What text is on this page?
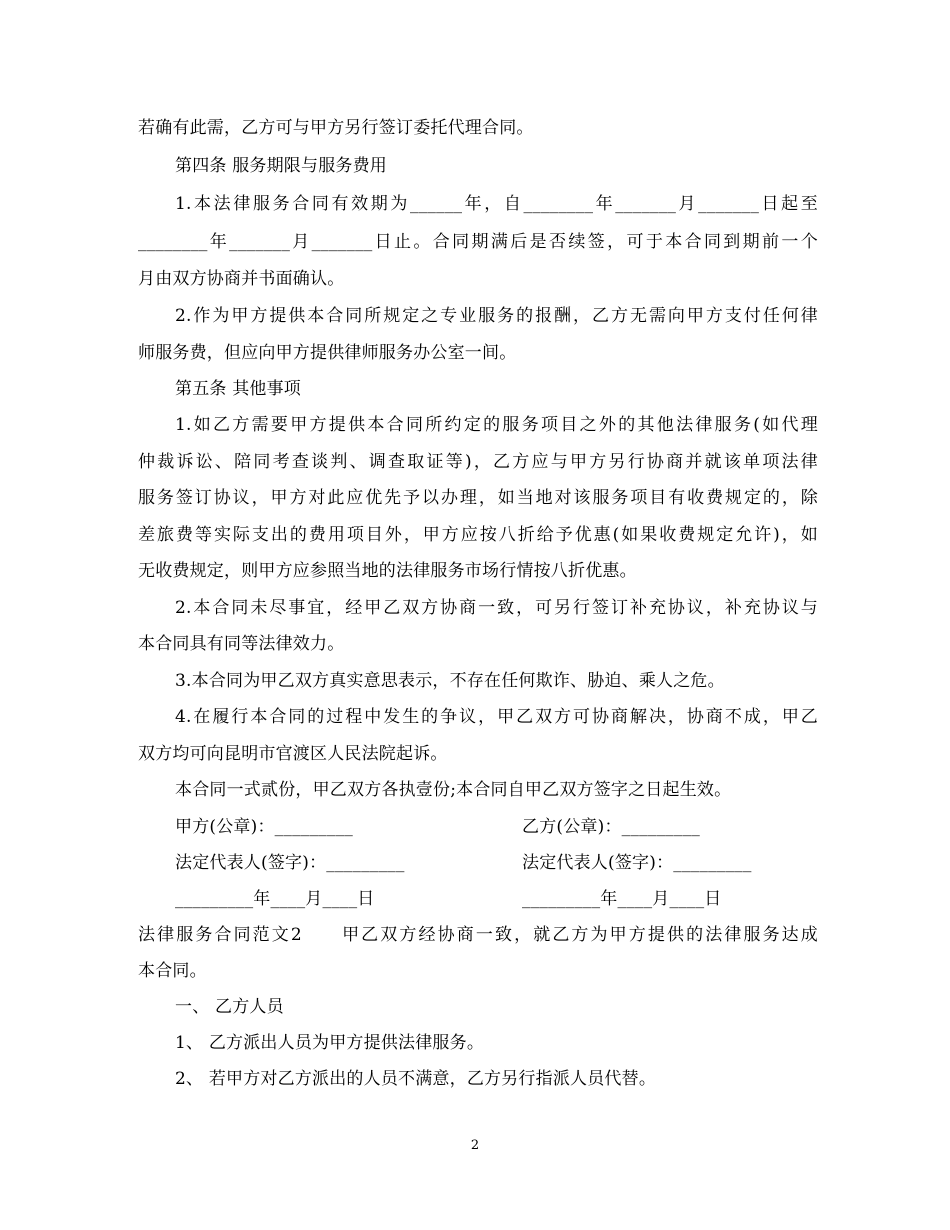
若确有此需，乙方可与甲方另行签订委托代理合同。
第四条 服务期限与服务费用
1.本法律服务合同有效期为______年，自________年_______月_______日起至
________年_______月_______日止。合同期满后是否续签，可于本合同到期前一个
月由双方协商并书面确认。
2.作为甲方提供本合同所规定之专业服务的报酬，乙方无需向甲方支付任何律
师服务费，但应向甲方提供律师服务办公室一间。
第五条 其他事项
1.如乙方需要甲方提供本合同所约定的服务项目之外的其他法律服务(如代理
仲裁诉讼、陪同考查谈判、调查取证等)，乙方应与甲方另行协商并就该单项法律
服务签订协议，甲方对此应优先予以办理，如当地对该服务项目有收费规定的，除
差旅费等实际支出的费用项目外，甲方应按八折给予优惠(如果收费规定允许)，如
无收费规定，则甲方应参照当地的法律服务市场行情按八折优惠。
2.本合同未尽事宜，经甲乙双方协商一致，可另行签订补充协议，补充协议与
本合同具有同等法律效力。
3.本合同为甲乙双方真实意思表示，不存在任何欺诈、胁迫、乘人之危。
4.在履行本合同的过程中发生的争议，甲乙双方可协商解决，协商不成，甲乙
双方均可向昆明市官渡区人民法院起诉。
本合同一式贰份，甲乙双方各执壹份;本合同自甲乙双方签字之日起生效。
甲方(公章)：_________	乙方(公章)：_________
法定代表人(签字)：_________	法定代表人(签字)：_________
_________年____月____日	_________年____月____日
法律服务合同范文2　　甲乙双方经协商一致，就乙方为甲方提供的法律服务达成
本合同。
一、 乙方人员
1、 乙方派出人员为甲方提供法律服务。
2、 若甲方对乙方派出的人员不满意，乙方另行指派人员代替。
2
